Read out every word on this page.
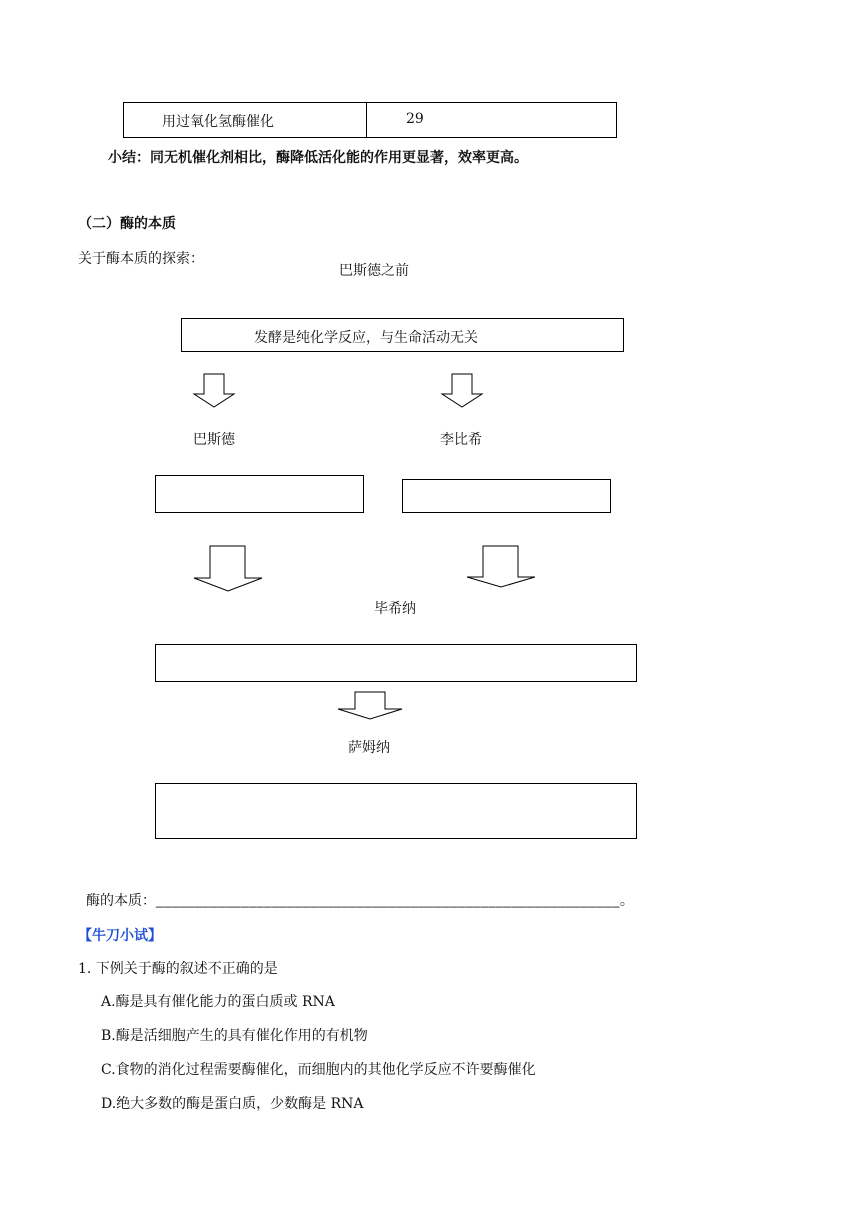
用过氧化氢酶催化	29
小结：同无机催化剂相比，酶降低活化能的作用更显著，效率更高。
（二）酶的本质
关于酶本质的探索：
巴斯德之前
发酵是纯化学反应，与生命活动无关
巴斯德	李比希
毕希纳
萨姆纳
酶的本质：____________________________________________________________。
【牛刀小试】
1. 下例关于酶的叙述不正确的是
A.酶是具有催化能力的蛋白质或 RNA
B.酶是活细胞产生的具有催化作用的有机物
C.食物的消化过程需要酶催化，而细胞内的其他化学反应不许要酶催化
D.绝大多数的酶是蛋白质，少数酶是 RNA
